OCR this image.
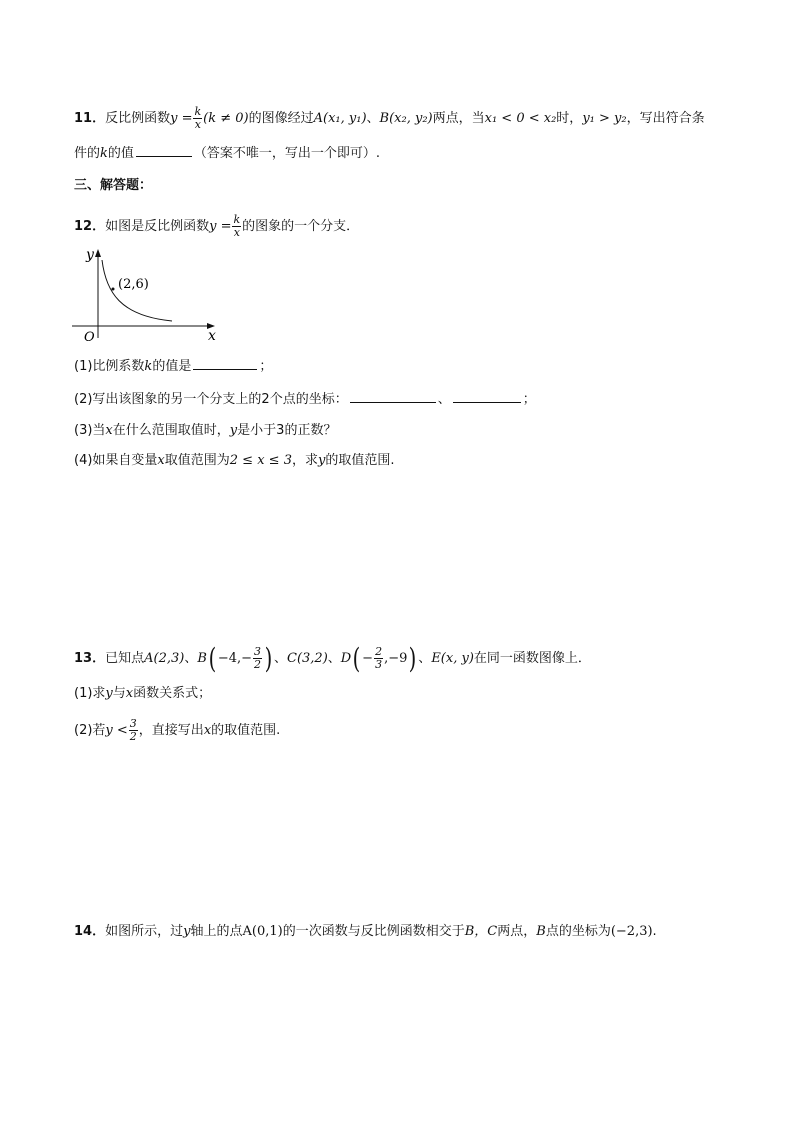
11．反比例函数$y = \frac{k}{x} (k \ne 0)$的图像经过A(x₁, y₁)、B(x₂, y₂)两点，当x₁ < 0 < x₂时，y₁ > y₂，写出符合条
件的k的值	（答案不唯一，写出一个即可）.
三、解答题：
12．如图是反比例函数$y = \frac{k}{x}$ 的图象的一个分支．
y
x
O
(2,6)
(1)比例系数k的值是	；
(2)写出该图象的另一个分支上的2个点的坐标：	、	；
(3)当x在什么范围取值时，y是小于3的正数？
(4)如果自变量x取值范围为2 ≤ x ≤ 3，求y的取值范围.
13．已知点A(2,3)、$B( -4,- \frac{3}{2}$ ) 、C(3,2)、$D( - \frac{2}{3} ,-9)$ 、E(x, y)在同一函数图像上．
(1)求y与x函数关系式；
(2)若$y < \frac{3}{2}$ ，直接写出x的取值范围.
14．如图所示，过y轴上的点A(0,1)的一次函数与反比例函数相交于B，C两点，B点的坐标为(−2,3).
